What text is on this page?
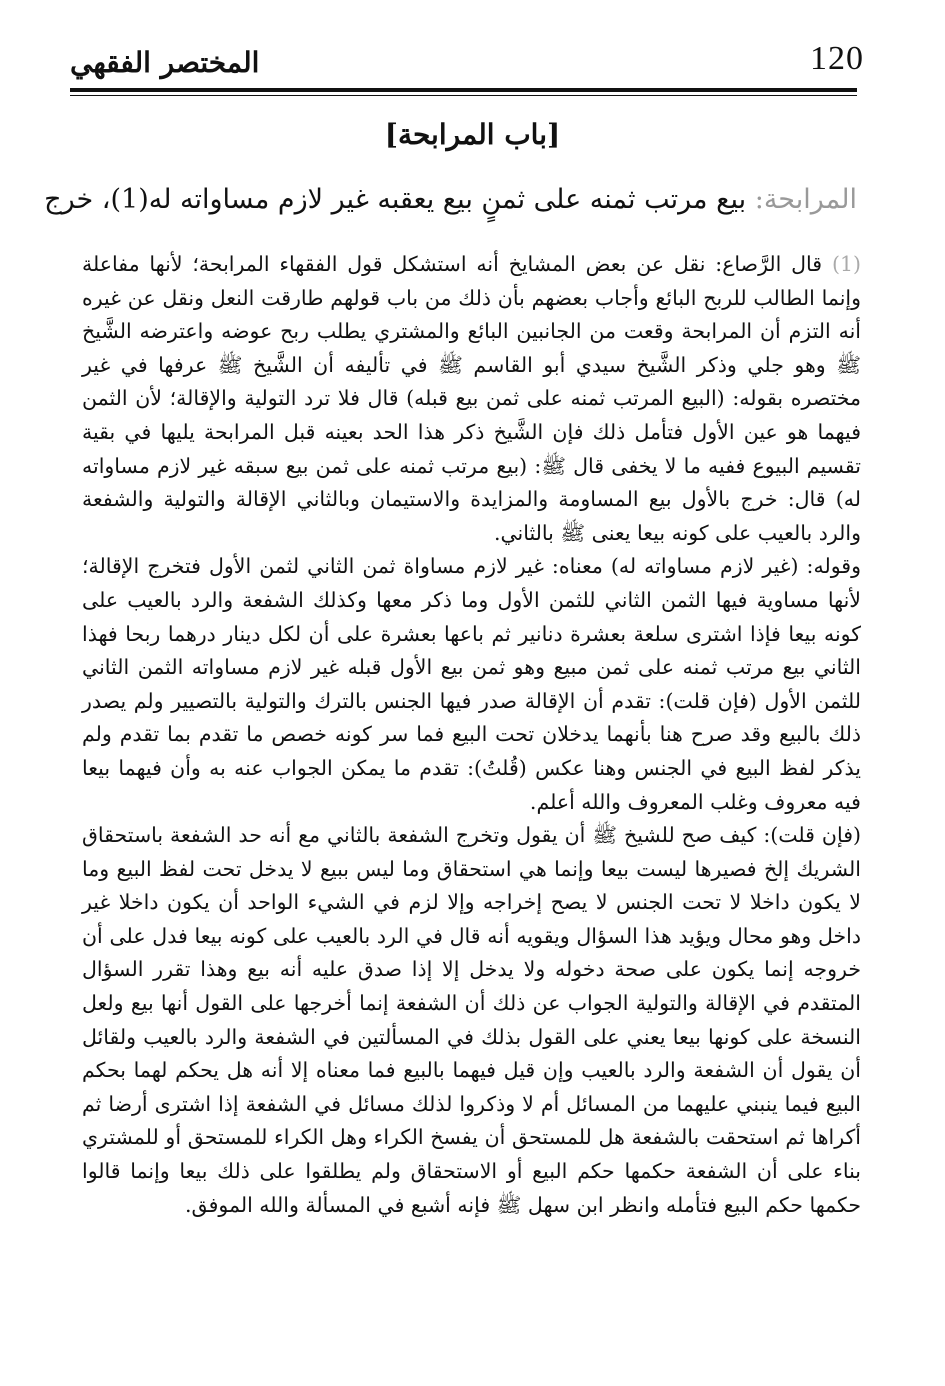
120
المختصر الفقهي
[باب المرابحة]
المرابحة: بيع مرتب ثمنه على ثمنٍ بيع يعقبه غير لازم مساواته له(1)، خرج

(1) قال الرَّصاع: نقل عن بعض المشايخ أنه استشكل قول الفقهاء المرابحة؛ لأنها مفاعلة وإنما الطالب للربح البائع وأجاب بعضهم بأن ذلك من باب قولهم طارقت النعل ونقل عن غيره أنه التزم أن المرابحة وقعت من الجانبين البائع والمشتري يطلب ربح عوضه واعترضه الشَّيخ ﷺ وهو جلي وذكر الشَّيخ سيدي أبو القاسم ﷺ في تأليفه أن الشَّيخ ﷺ عرفها في غير مختصره بقوله: (البيع المرتب ثمنه على ثمن بيع قبله) قال فلا ترد التولية والإقالة؛ لأن الثمن فيهما هو عين الأول فتأمل ذلك فإن الشَّيخ ذكر هذا الحد بعينه قبل المرابحة يليها في بقية تقسيم البيوع ففيه ما لا يخفى قال ﷺ: (بيع مرتب ثمنه على ثمن بيع سبقه غير لازم مساواته له) قال: خرج بالأول بيع المساومة والمزايدة والاستيمان وبالثاني الإقالة والتولية والشفعة والرد بالعيب على كونه بيعا يعنى ﷺ بالثاني.

وقوله: (غير لازم مساواته له) معناه: غير لازم مساواة ثمن الثاني لثمن الأول فتخرج الإقالة؛ لأنها مساوية فيها الثمن الثاني للثمن الأول وما ذكر معها وكذلك الشفعة والرد بالعيب على كونه بيعا فإذا اشترى سلعة بعشرة دنانير ثم باعها بعشرة على أن لكل دينار درهما ربحا فهذا الثاني بيع مرتب ثمنه على ثمن مبيع وهو ثمن بيع الأول قبله غير لازم مساواته الثمن الثاني للثمن الأول (فإن قلت): تقدم أن الإقالة صدر فيها الجنس بالترك والتولية بالتصيير ولم يصدر ذلك بالبيع وقد صرح هنا بأنهما يدخلان تحت البيع فما سر كونه خصص ما تقدم بما تقدم ولم يذكر لفظ البيع في الجنس وهنا عكس (قُلتُ): تقدم ما يمكن الجواب عنه به وأن فيهما بيعا فيه معروف وغلب المعروف والله أعلم.

(فإن قلت): كيف صح للشيخ ﷺ أن يقول وتخرج الشفعة بالثاني مع أنه حد الشفعة باستحقاق الشريك إلخ فصيرها ليست بيعا وإنما هي استحقاق وما ليس ببيع لا يدخل تحت لفظ البيع وما لا يكون داخلا لا تحت الجنس لا يصح إخراجه وإلا لزم في الشيء الواحد أن يكون داخلا غير داخل وهو محال ويؤيد هذا السؤال ويقويه أنه قال في الرد بالعيب على كونه بيعا فدل على أن خروجه إنما يكون على صحة دخوله ولا يدخل إلا إذا صدق عليه أنه بيع وهذا تقرر السؤال المتقدم في الإقالة والتولية الجواب عن ذلك أن الشفعة إنما أخرجها على القول أنها بيع ولعل النسخة على كونها بيعا يعني على القول بذلك في المسألتين في الشفعة والرد بالعيب ولقائل أن يقول أن الشفعة والرد بالعيب وإن قيل فيهما بالبيع فما معناه إلا أنه هل يحكم لهما بحكم البيع فيما ينبني عليهما من المسائل أم لا وذكروا لذلك مسائل في الشفعة إذا اشترى أرضا ثم أكراها ثم استحقت بالشفعة هل للمستحق أن يفسخ الكراء وهل الكراء للمستحق أو للمشتري بناء على أن الشفعة حكمها حكم البيع أو الاستحقاق ولم يطلقوا على ذلك بيعا وإنما قالوا حكمها حكم البيع فتأمله وانظر ابن سهل ﷺ فإنه أشبع في المسألة والله الموفق.
